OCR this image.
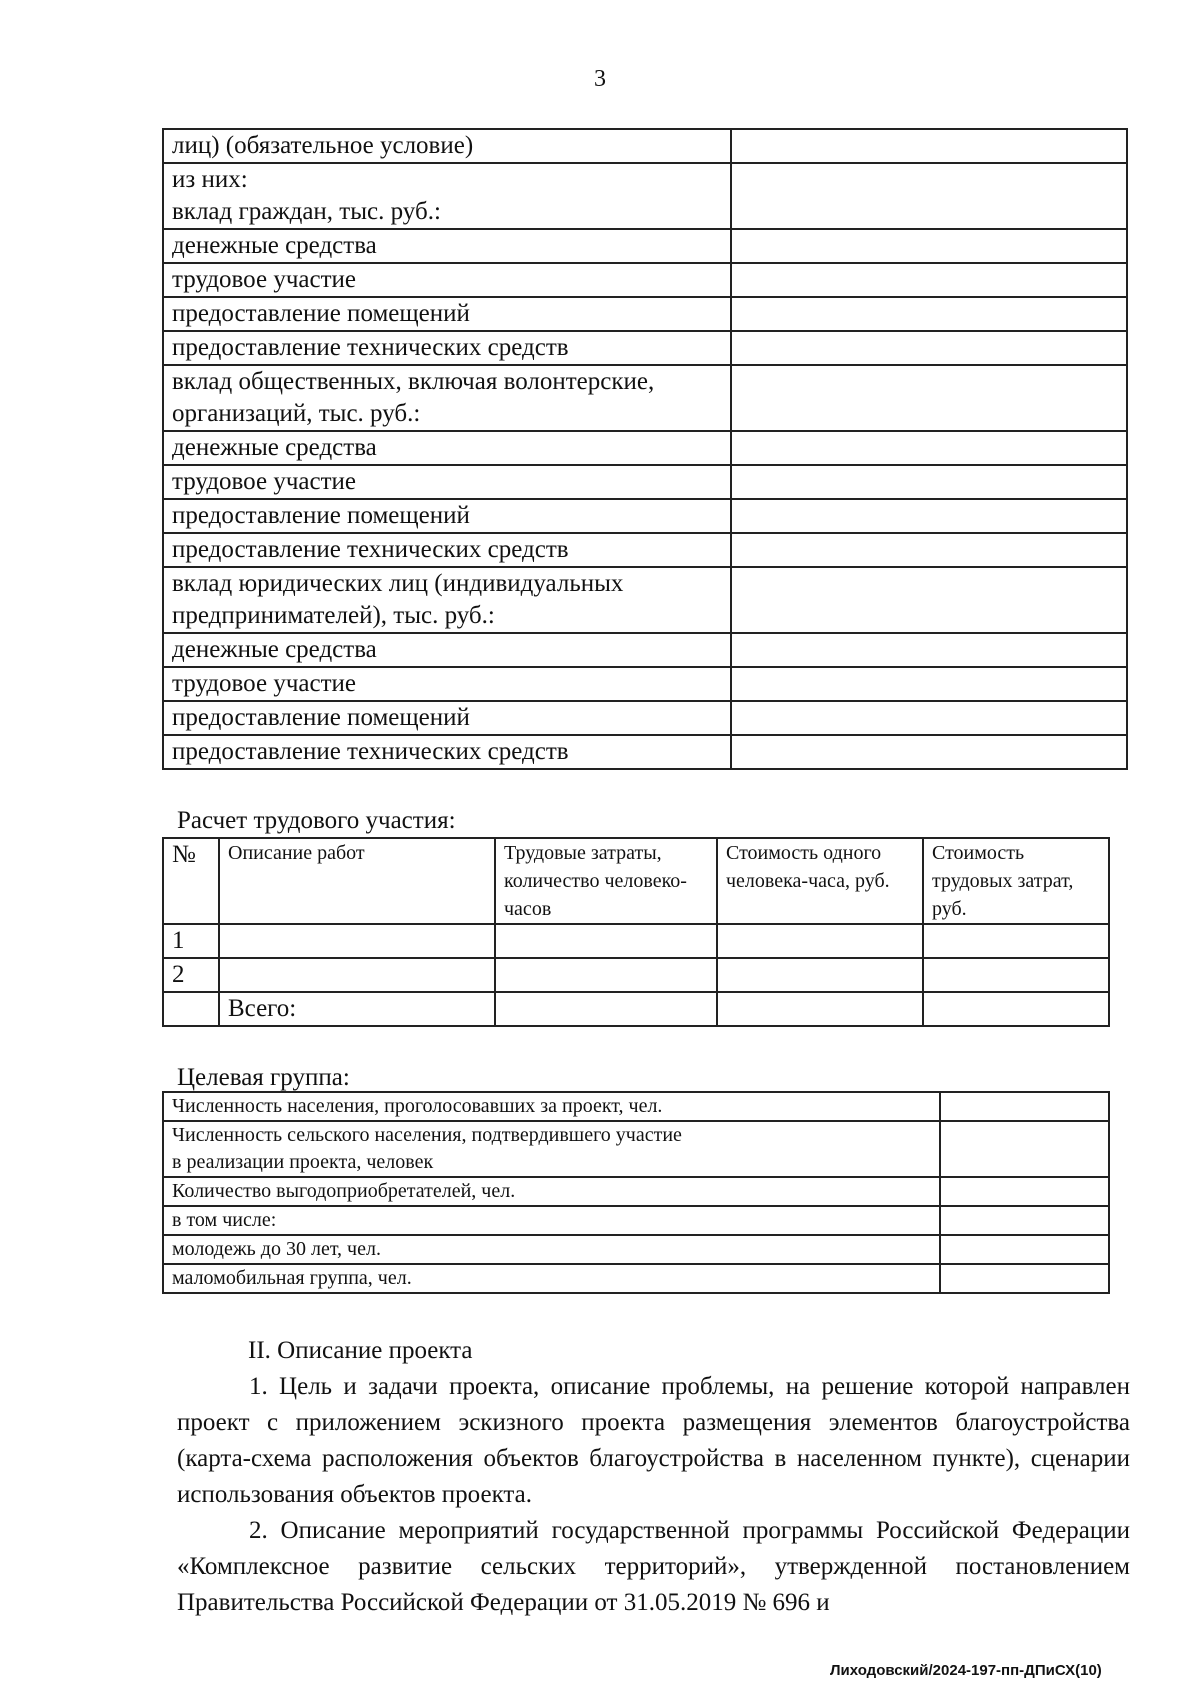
3
лиц) (обязательное условие)	
из них:
вклад граждан, тыс. руб.:	
денежные средства	
трудовое участие	
предоставление помещений	
предоставление технических средств	
вклад общественных, включая волонтерские, организаций, тыс. руб.:	
денежные средства	
трудовое участие	
предоставление помещений	
предоставление технических средств	
вклад юридических лиц (индивидуальных предпринимателей), тыс. руб.:	
денежные средства	
трудовое участие	
предоставление помещений	
предоставление технических средств	
Расчет трудового участия:
№	Описание работ	Трудовые затраты, количество человеко-часов	Стоимость одного человека-часа, руб.	Стоимость трудовых затрат, руб.
1				
2				
	Всего:			
Целевая группа:
Численность населения, проголосовавших за проект, чел.	
Численность сельского населения, подтвердившего участие
в реализации проекта, человек	
Количество выгодоприобретателей, чел.	
в том числе:	
молодежь до 30 лет, чел.	
маломобильная группа, чел.	
II. Описание проекта

1. Цель и задачи проекта, описание проблемы, на решение которой направлен проект с приложением эскизного проекта размещения элементов благоустройства (карта-схема расположения объектов благоустройства в населенном пункте), сценарии использования объектов проекта.

2. Описание мероприятий государственной программы Российской Федерации «Комплексное развитие сельских территорий», утвержденной постановлением Правительства Российской Федерации от 31.05.2019 № 696 и

Лиходовский/2024-197-пп-ДПиСХ(10)
